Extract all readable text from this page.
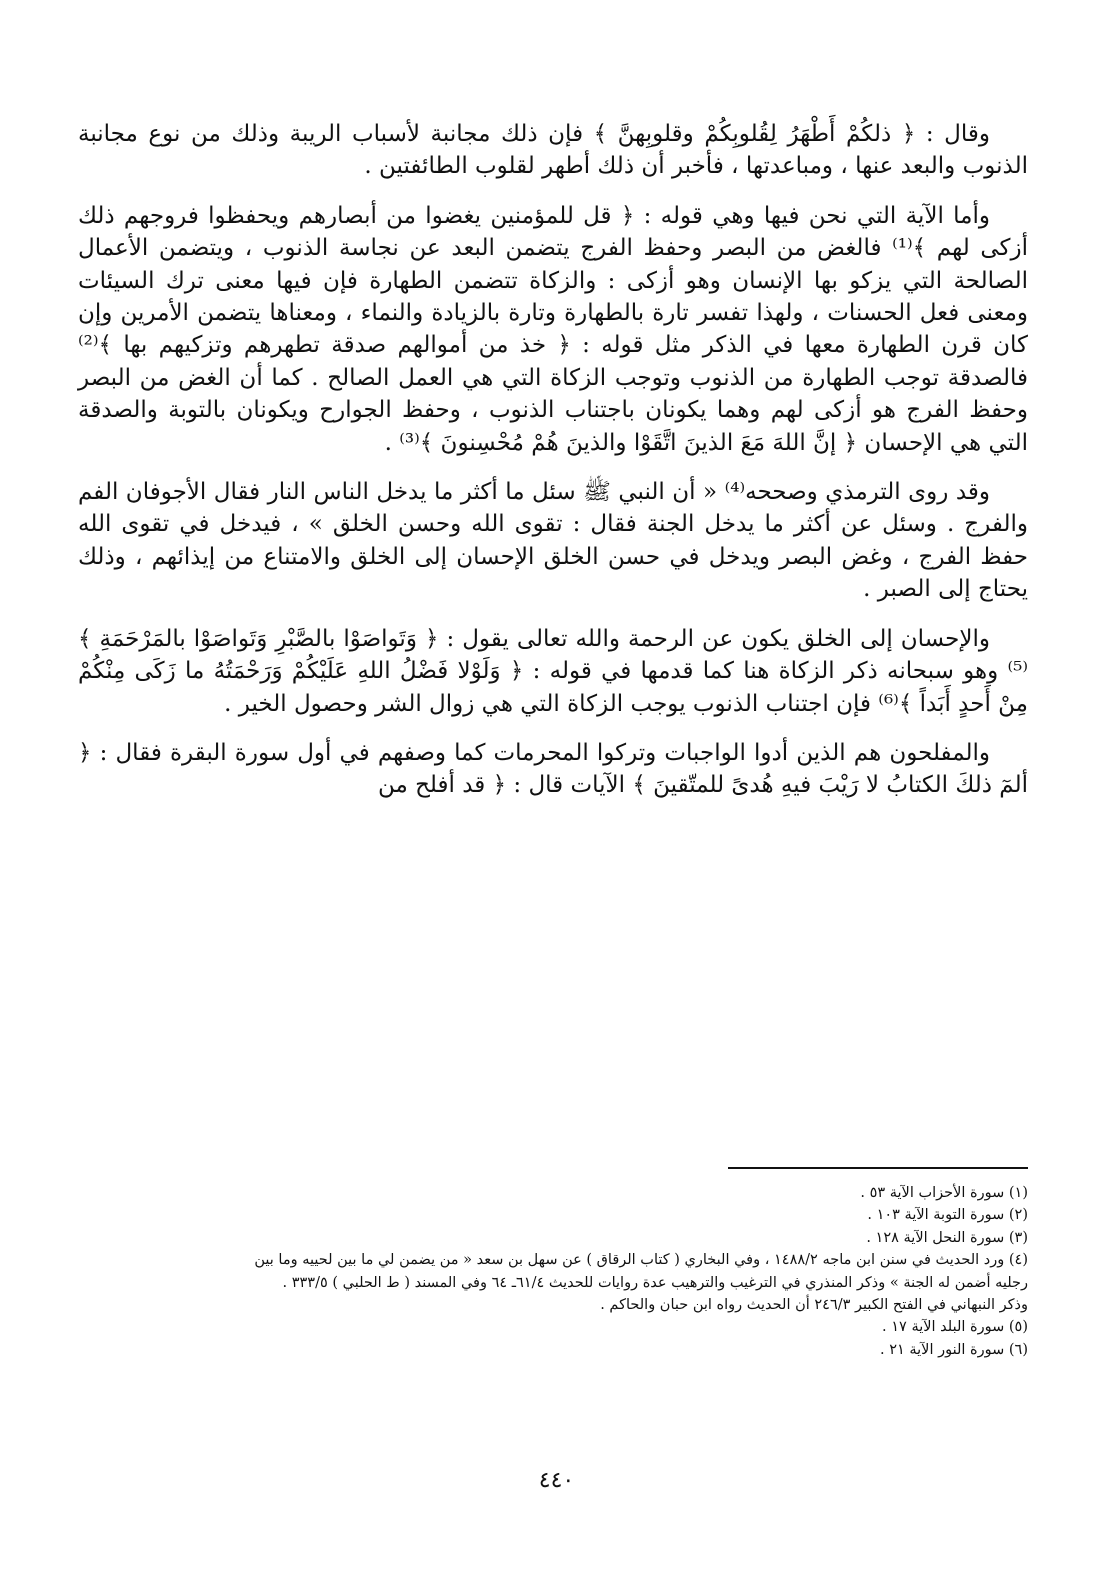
وقال : ﴿ ذلكُمْ أَطْهَرُ لِقُلوبِكُمْ وقلوبِهنَّ ﴾ فإن ذلك مجانبة لأسباب الريبة وذلك من نوع مجانبة الذنوب والبعد عنها ، ومباعدتها ، فأخبر أن ذلك أطهر لقلوب الطائفتين .

وأما الآية التي نحن فيها وهي قوله : ﴿ قل للمؤمنين يغضوا من أبصارهم ويحفظوا فروجهم ذلك أزكى لهم ﴾⁽¹⁾ فالغض من البصر وحفظ الفرج يتضمن البعد عن نجاسة الذنوب ، ويتضمن الأعمال الصالحة التي يزكو بها الإنسان وهو أزكى : والزكاة تتضمن الطهارة فإن فيها معنى ترك السيئات ومعنى فعل الحسنات ، ولهذا تفسر تارة بالطهارة وتارة بالزيادة والنماء ، ومعناها يتضمن الأمرين وإن كان قرن الطهارة معها في الذكر مثل قوله : ﴿ خذ من أموالهم صدقة تطهرهم وتزكيهم بها ﴾⁽²⁾ فالصدقة توجب الطهارة من الذنوب وتوجب الزكاة التي هي العمل الصالح . كما أن الغض من البصر وحفظ الفرج هو أزكى لهم وهما يكونان باجتناب الذنوب ، وحفظ الجوارح ويكونان بالتوبة والصدقة التي هي الإحسان ﴿ إنَّ اللهَ مَعَ الذينَ اتَّقَوْا والذينَ هُمْ مُحْسِنونَ ﴾⁽³⁾ .

وقد روى الترمذي وصححه⁽⁴⁾ « أن النبي ﷺ سئل ما أكثر ما يدخل الناس النار فقال الأجوفان الفم والفرج . وسئل عن أكثر ما يدخل الجنة فقال : تقوى الله وحسن الخلق » ، فيدخل في تقوى الله حفظ الفرج ، وغض البصر ويدخل في حسن الخلق الإحسان إلى الخلق والامتناع من إيذائهم ، وذلك يحتاج إلى الصبر .

والإحسان إلى الخلق يكون عن الرحمة والله تعالى يقول : ﴿ وَتَواصَوْا بالصَّبْرِ وَتَواصَوْا بالمَرْحَمَةِ ﴾⁽⁵⁾ وهو سبحانه ذكر الزكاة هنا كما قدمها في قوله : ﴿ وَلَوْلا فَضْلُ اللهِ عَلَيْكُمْ وَرَحْمَتُهُ ما زَكَى مِنْكُمْ مِنْ أَحدٍ أَبَداً ﴾⁽⁶⁾ فإن اجتناب الذنوب يوجب الزكاة التي هي زوال الشر وحصول الخير .

والمفلحون هم الذين أدوا الواجبات وتركوا المحرمات كما وصفهم في أول سورة البقرة فقال : ﴿ ألمٓ ذلكَ الكتابُ لا رَيْبَ فيهِ هُدىً للمتّقينَ ﴾ الآيات قال : ﴿ قد أفلح من

(١) سورة الأحزاب الآية ٥٣ .

(٢) سورة التوبة الآية ١٠٣ .

(٣) سورة النحل الآية ١٢٨ .

(٤) ورد الحديث في سنن ابن ماجه ١٤٨٨/٢ ، وفي البخاري ( كتاب الرقاق ) عن سهل بن سعد « من يضمن لي ما بين لحييه وما بين

رجليه أضمن له الجنة » وذكر المنذري في الترغيب والترهيب عدة روايات للحديث ٦١/٤ـ ٦٤ وفي المسند ( ط الحلبي ) ٣٣٣/٥ .

وذكر النبهاني في الفتح الكبير ٢٤٦/٣ أن الحديث رواه ابن حبان والحاكم .

(٥) سورة البلد الآية ١٧ .

(٦) سورة النور الآية ٢١ .

٤٤٠
